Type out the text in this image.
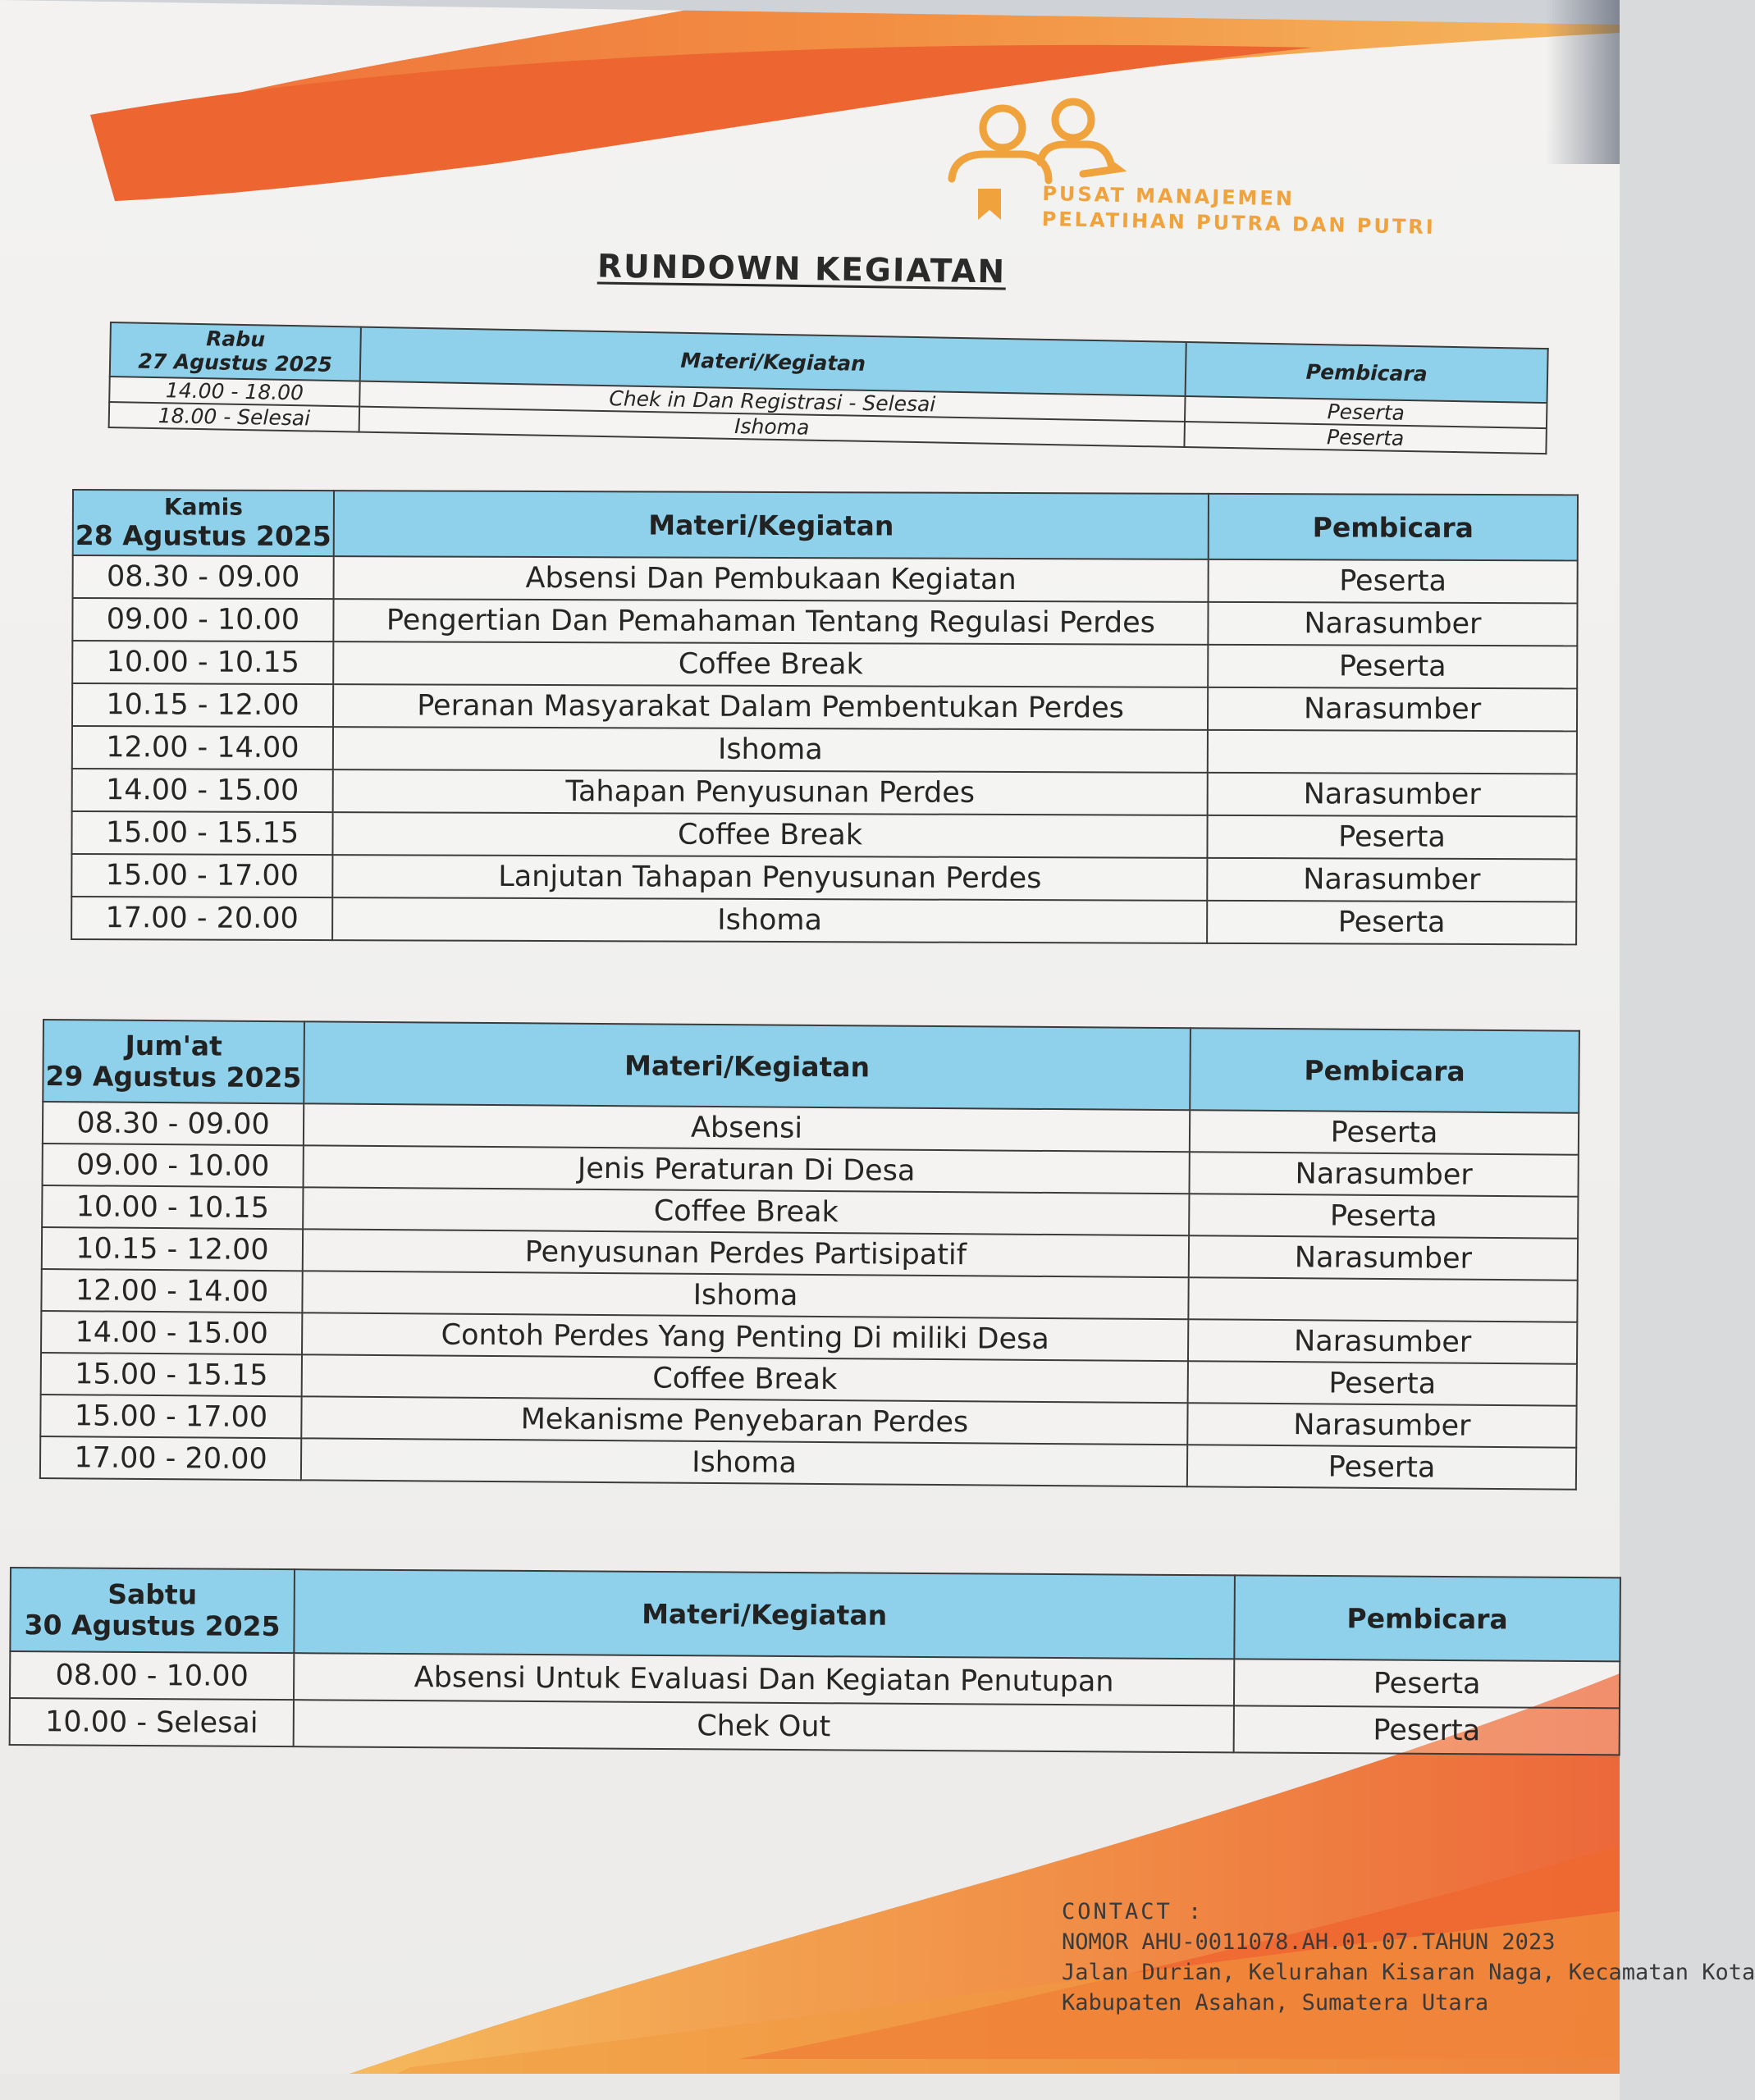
PUSAT MANAJEMEN
PELATIHAN PUTRA DAN PUTRI
RUNDOWN KEGIATAN
Rabu
27 Agustus 2025	Materi/Kegiatan	Pembicara
14.00 - 18.00	Chek in Dan Registrasi - Selesai	Peserta
18.00 - Selesai	Ishoma	Peserta
Kamis
28 Agustus 2025	Materi/Kegiatan	Pembicara
08.30 - 09.00	Absensi Dan Pembukaan Kegiatan	Peserta
09.00 - 10.00	Pengertian Dan Pemahaman Tentang Regulasi Perdes	Narasumber
10.00 - 10.15	Coffee Break	Peserta
10.15 - 12.00	Peranan Masyarakat Dalam Pembentukan Perdes	Narasumber
12.00 - 14.00	Ishoma	
14.00 - 15.00	Tahapan Penyusunan Perdes	Narasumber
15.00 - 15.15	Coffee Break	Peserta
15.00 - 17.00	Lanjutan Tahapan Penyusunan Perdes	Narasumber
17.00 - 20.00	Ishoma	Peserta
Jum'at
29 Agustus 2025	Materi/Kegiatan	Pembicara
08.30 - 09.00	Absensi	Peserta
09.00 - 10.00	Jenis Peraturan Di Desa	Narasumber
10.00 - 10.15	Coffee Break	Peserta
10.15 - 12.00	Penyusunan Perdes Partisipatif	Narasumber
12.00 - 14.00	Ishoma	
14.00 - 15.00	Contoh Perdes Yang Penting Di miliki Desa	Narasumber
15.00 - 15.15	Coffee Break	Peserta
15.00 - 17.00	Mekanisme Penyebaran Perdes	Narasumber
17.00 - 20.00	Ishoma	Peserta
Sabtu
30 Agustus 2025	Materi/Kegiatan	Pembicara
08.00 - 10.00	Absensi Untuk Evaluasi Dan Kegiatan Penutupan	Peserta
10.00 - Selesai	Chek Out	Peserta
CONTACT :
NOMOR AHU-0011078.AH.01.07.TAHUN 2023
Jalan Durian, Kelurahan Kisaran Naga, Kecamatan Kota
Kabupaten Asahan, Sumatera Utara
